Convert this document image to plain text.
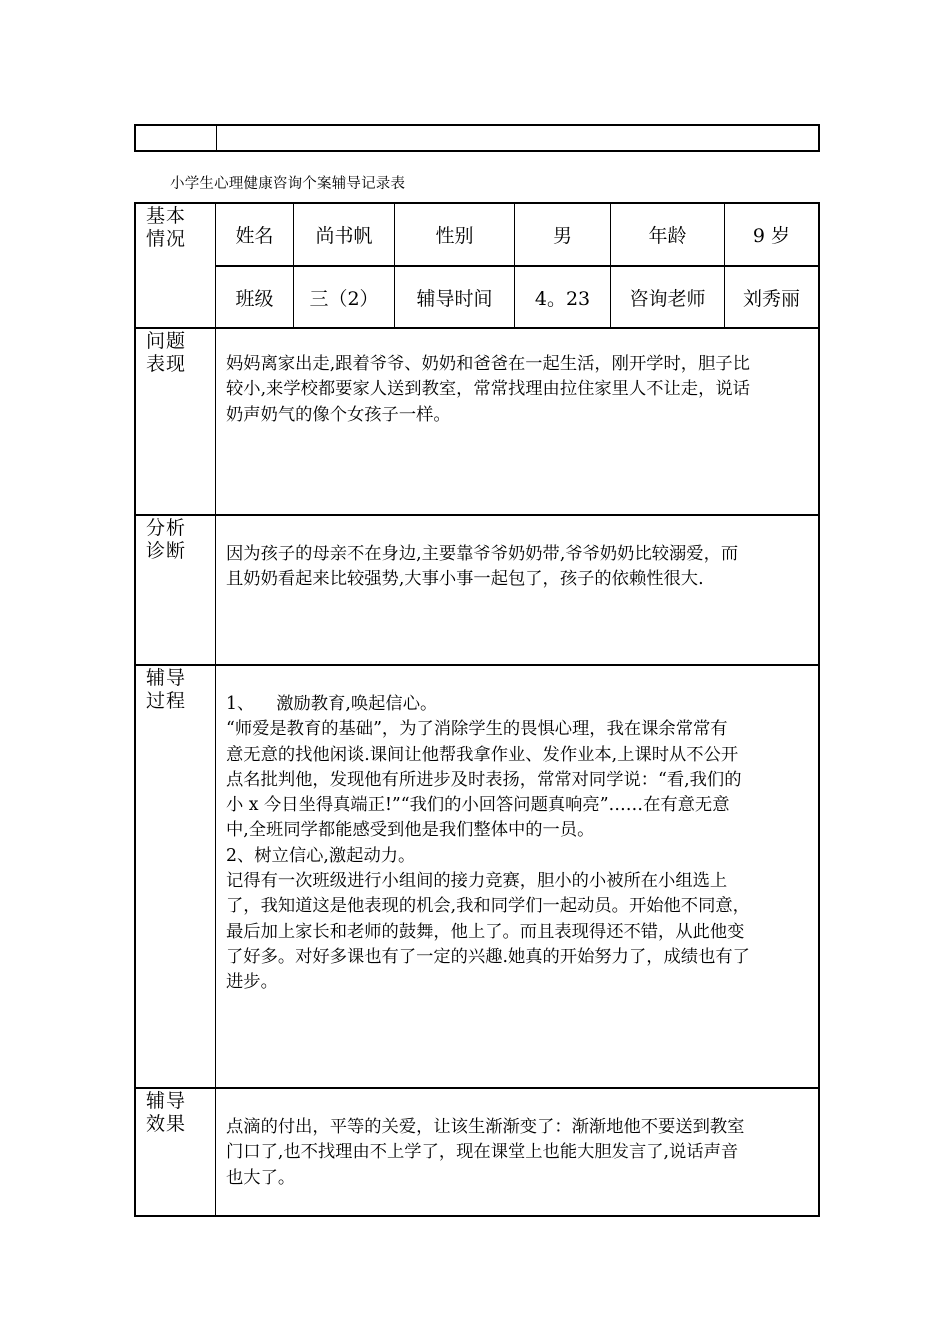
小学生心理健康咨询个案辅导记录表

基本

情况	姓名	尚书帆	性别	男	年龄	9 岁
班级	三（2）	辅导时间	4。23	咨询老师	刘秀丽

问题

表现	妈妈离家出走,跟着爷爷、奶奶和爸爸在一起生活，刚开学时，胆子比

较小,来学校都要家人送到教室，常常找理由拉住家里人不让走，说话

奶声奶气的像个女孩子一样。

分析

诊断	因为孩子的母亲不在身边,主要靠爷爷奶奶带,爷爷奶奶比较溺爱，而

且奶奶看起来比较强势,大事小事一起包了，孩子的依赖性很大.

辅导

过程	1、    激励教育,唤起信心。

“师爱是教育的基础”，为了消除学生的畏惧心理，我在课余常常有

意无意的找他闲谈.课间让他帮我拿作业、发作业本,上课时从不公开

点名批判他，发现他有所进步及时表扬，常常对同学说：“看,我们的

小 x 今日坐得真端正!”“我们的小回答问题真响亮”……在有意无意

中,全班同学都能感受到他是我们整体中的一员。

2、树立信心,激起动力。

记得有一次班级进行小组间的接力竞赛，胆小的小被所在小组选上

了，我知道这是他表现的机会,我和同学们一起动员。开始他不同意，

最后加上家长和老师的鼓舞，他上了。而且表现得还不错，从此他变

了好多。对好多课也有了一定的兴趣.她真的开始努力了，成绩也有了

进步。

辅导

效果	点滴的付出，平等的关爱，让该生渐渐变了：渐渐地他不要送到教室

门口了,也不找理由不上学了，现在课堂上也能大胆发言了,说话声音

也大了。
